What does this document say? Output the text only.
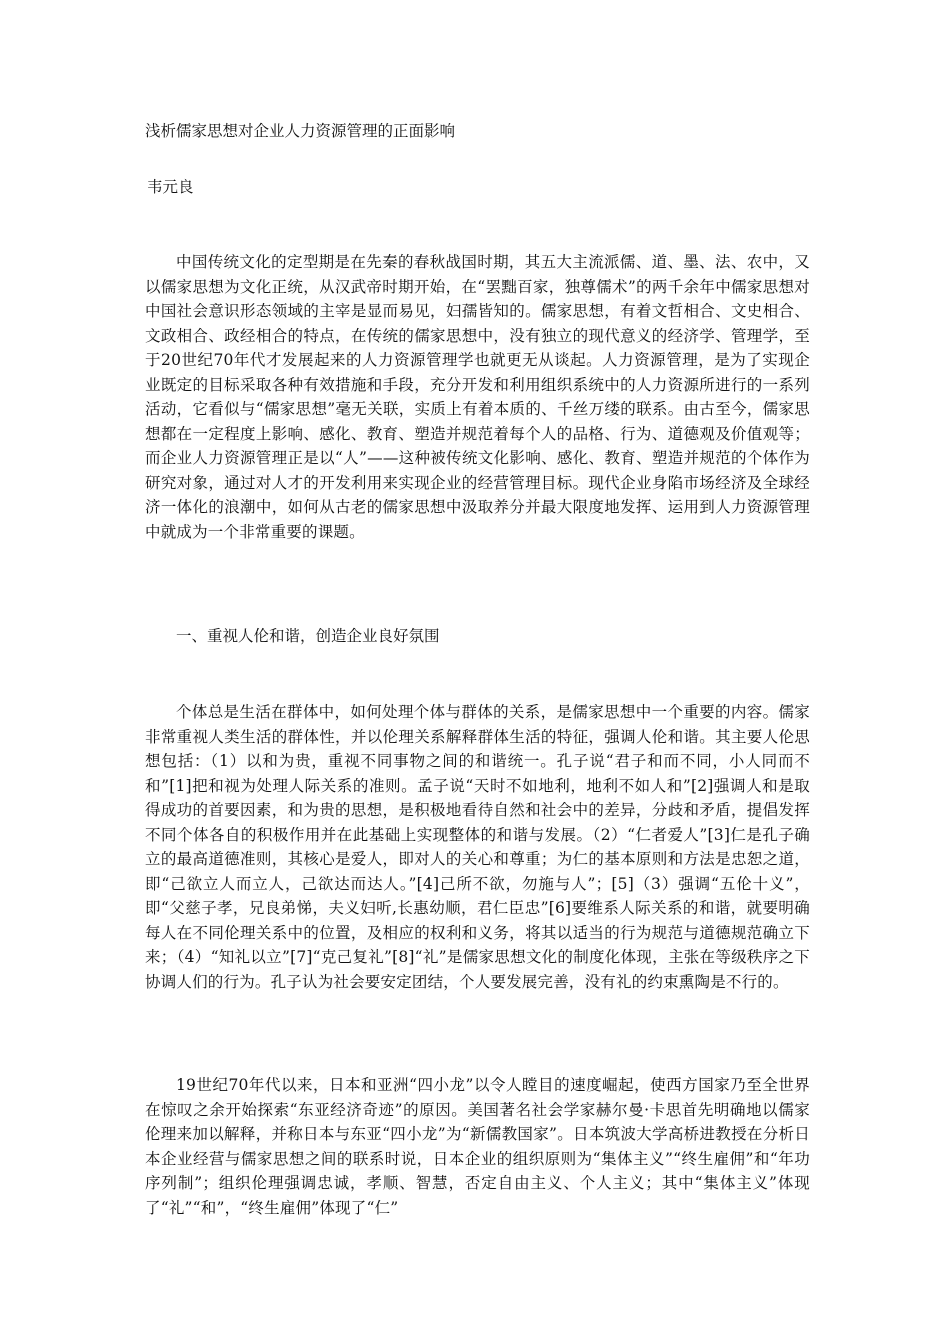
浅析儒家思想对企业人力资源管理的正面影响

韦元良

中国传统文化的定型期是在先秦的春秋战国时期，其五大主流派儒、道、墨、法、农中，又以儒家思想为文化正统，从汉武帝时期开始，在“罢黜百家，独尊儒术”的两千余年中儒家思想对中国社会意识形态领域的主宰是显而易见，妇孺皆知的。儒家思想，有着文哲相合、文史相合、文政相合、政经相合的特点，在传统的儒家思想中，没有独立的现代意义的经济学、管理学，至于20世纪70年代才发展起来的人力资源管理学也就更无从谈起。人力资源管理，是为了实现企业既定的目标采取各种有效措施和手段，充分开发和利用组织系统中的人力资源所进行的一系列活动，它看似与“儒家思想”毫无关联，实质上有着本质的、千丝万缕的联系。由古至今，儒家思想都在一定程度上影响、感化、教育、塑造并规范着每个人的品格、行为、道德观及价值观等；而企业人力资源管理正是以“人”——这种被传统文化影响、感化、教育、塑造并规范的个体作为研究对象，通过对人才的开发利用来实现企业的经营管理目标。现代企业身陷市场经济及全球经济一体化的浪潮中，如何从古老的儒家思想中汲取养分并最大限度地发挥、运用到人力资源管理中就成为一个非常重要的课题。

一、重视人伦和谐，创造企业良好氛围

个体总是生活在群体中，如何处理个体与群体的关系，是儒家思想中一个重要的内容。儒家非常重视人类生活的群体性，并以伦理关系解释群体生活的特征，强调人伦和谐。其主要人伦思想包括：（1）以和为贵，重视不同事物之间的和谐统一。孔子说“君子和而不同，小人同而不和”[1]把和视为处理人际关系的准则。孟子说“天时不如地利，地利不如人和”[2]强调人和是取得成功的首要因素，和为贵的思想，是积极地看待自然和社会中的差异，分歧和矛盾，提倡发挥不同个体各自的积极作用并在此基础上实现整体的和谐与发展。（2）“仁者爱人”[3]仁是孔子确立的最高道德准则，其核心是爱人，即对人的关心和尊重；为仁的基本原则和方法是忠恕之道，即“己欲立人而立人，己欲达而达人。”[4]己所不欲，勿施与人”；[5]（3）强调“五伦十义”，即“父慈子孝，兄良弟悌，夫义妇听,长惠幼顺，君仁臣忠”[6]要维系人际关系的和谐，就要明确每人在不同伦理关系中的位置，及相应的权利和义务，将其以适当的行为规范与道德规范确立下来；（4）“知礼以立”[7]“克己复礼”[8]“礼”是儒家思想文化的制度化体现，主张在等级秩序之下协调人们的行为。孔子认为社会要安定团结，个人要发展完善，没有礼的约束熏陶是不行的。

19世纪70年代以来，日本和亚洲“四小龙”以令人瞠目的速度崛起，使西方国家乃至全世界在惊叹之余开始探索“东亚经济奇迹”的原因。美国著名社会学家赫尔曼·卡思首先明确地以儒家伦理来加以解释，并称日本与东亚“四小龙”为“新儒教国家”。日本筑波大学高桥进教授在分析日本企业经营与儒家思想之间的联系时说，日本企业的组织原则为“集体主义”“终生雇佣”和“年功序列制”；组织伦理强调忠诚，孝顺、智慧，否定自由主义、个人主义；其中“集体主义”体现了“礼”“和”，“终生雇佣”体现了“仁”
